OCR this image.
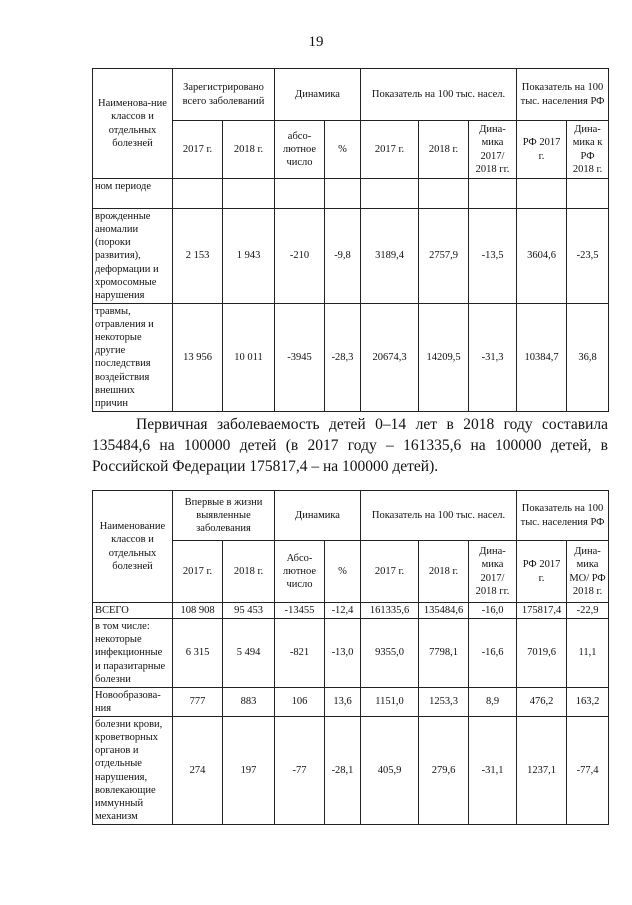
19
Наименова-ние классов и отдельных болезней	Зарегистрировано всего заболеваний		Динамика		Показатель на 100 тыс. насел.			Показатель на 100 тыс. населения РФ	
	2017 г.	2018 г.	абсо-лютное число	%	2017 г.	2018 г.	Дина-мика 2017/ 2018 гг.	РФ 2017 г.	Дина-мика к РФ 2018 г.
ном периоде									
врожденные аномалии (пороки развития), деформации и хромосомные нарушения	2 153	1 943	-210	-9,8	3189,4	2757,9	-13,5	3604,6	-23,5
травмы, отравления и некоторые другие последствия воздействия внешних причин	13 956	10 011	-3945	-28,3	20674,3	14209,5	-31,3	10384,7	36,8
Первичная заболеваемость детей 0–14 лет в 2018 году составила 135484,6 на 100000 детей (в 2017 году – 161335,6 на 100000 детей, в Российской Федерации 175817,4 – на 100000 детей).
Наименование классов и отдельных болезней	Впервые в жизни выявленные заболевания		Динамика		Показатель на 100 тыс. насел.			Показатель на 100 тыс. населения РФ	
	2017 г.	2018 г.	Абсо-лютное число	%	2017 г.	2018 г.	Дина-мика 2017/ 2018 гг.	РФ 2017 г.	Дина-мика МО/ РФ 2018 г.
ВСЕГО	108 908	95 453	-13455	-12,4	161335,6	135484,6	-16,0	175817,4	-22,9
в том числе: некоторые инфекционные и паразитарные болезни	6 315	5 494	-821	-13,0	9355,0	7798,1	-16,6	7019,6	11,1
Новообразова-ния	777	883	106	13,6	1151,0	1253,3	8,9	476,2	163,2
болезни крови, кроветворных органов и отдельные нарушения, вовлекающие иммунный механизм	274	197	-77	-28,1	405,9	279,6	-31,1	1237,1	-77,4
